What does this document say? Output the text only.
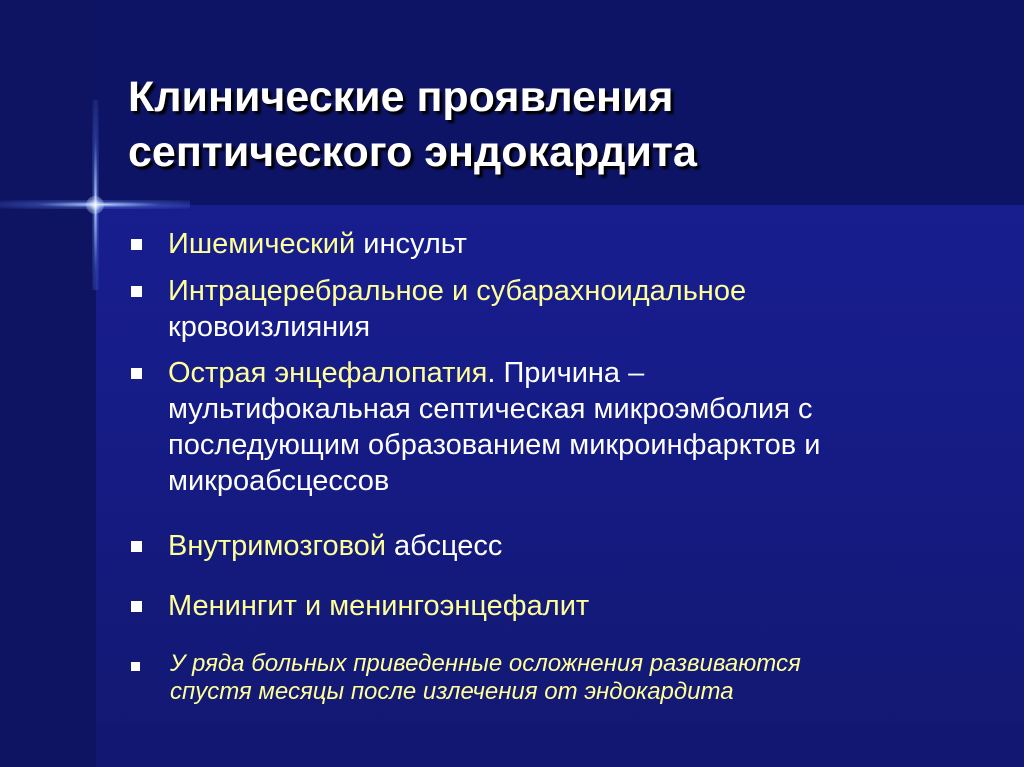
Клинические проявления
септического эндокардита
Ишемический инсульт
Интрацеребральное и субарахноидальное
кровоизлияния
Острая энцефалопатия. Причина –
мультифокальная септическая микроэмболия с
последующим образованием микроинфарктов и
микроабсцессов
Внутримозговой абсцесс
Менингит и менингоэнцефалит
У ряда больных приведенные осложнения развиваются
спустя месяцы после излечения от эндокардита
